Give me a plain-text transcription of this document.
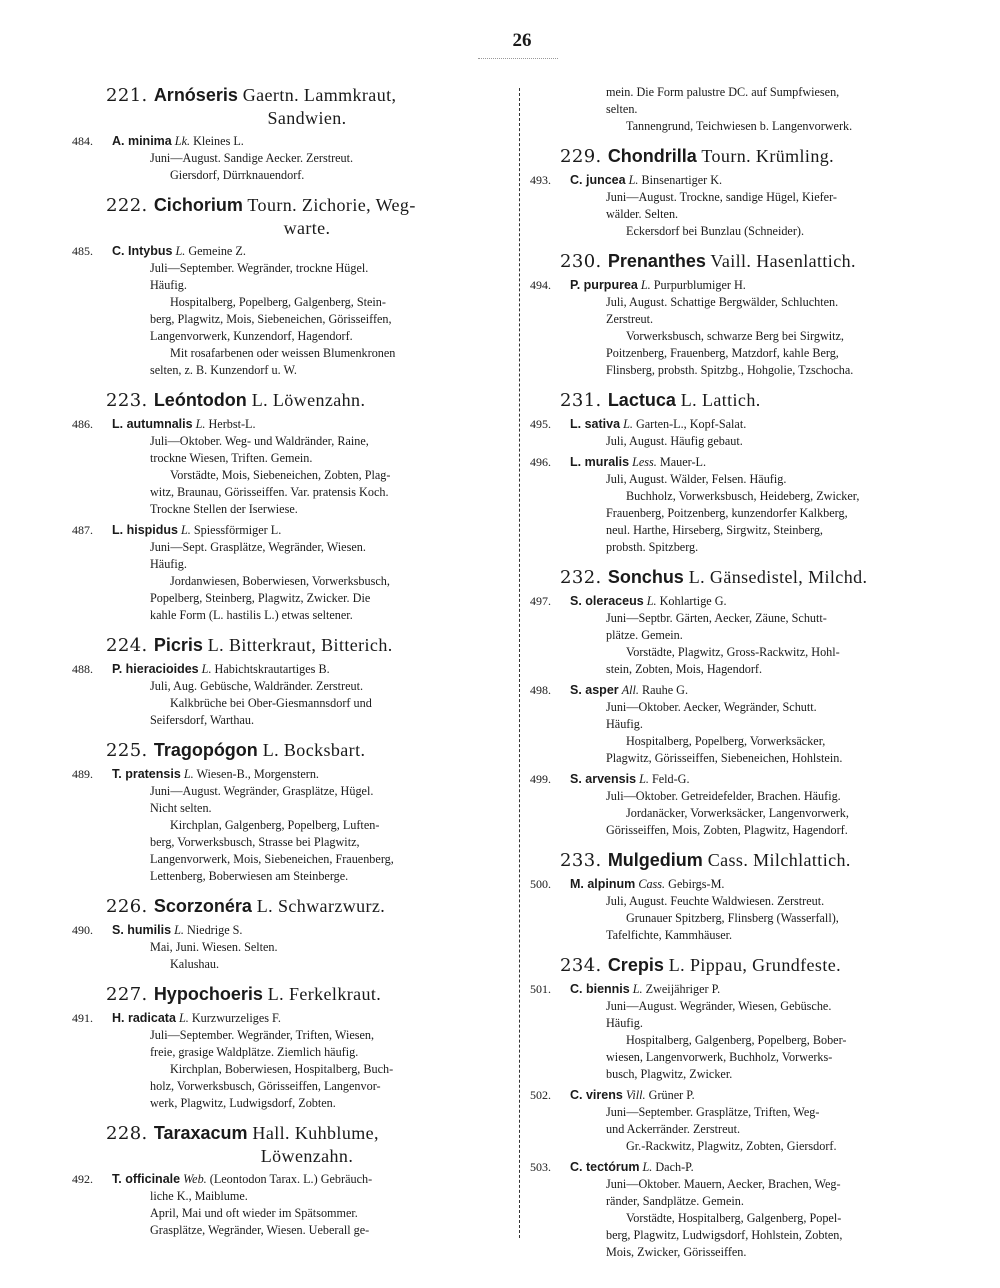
26
221. Arnóseris Gaertn. Lammkraut,
Sandwien.
484. A. minima Lk. Kleines L.
Juni—August. Sandige Aecker. Zerstreut.
Giersdorf, Dürrknauendorf.
222. Cichorium Tourn. Zichorie, Weg-
warte.
485. C. Intybus L. Gemeine Z.
Juli—September. Wegränder, trockne Hügel.
Häufig.
Hospitalberg, Popelberg, Galgenberg, Stein-
berg, Plagwitz, Mois, Siebeneichen, Görisseiffen,
Langenvorwerk, Kunzendorf, Hagendorf.
Mit rosafarbenen oder weissen Blumenkronen
selten, z. B. Kunzendorf u. W.
223. Leóntodon L. Löwenzahn.
486. L. autumnalis L. Herbst-L.
Juli—Oktober. Weg- und Waldränder, Raine,
trockne Wiesen, Triften. Gemein.
Vorstädte, Mois, Siebeneichen, Zobten, Plag-
witz, Braunau, Görisseiffen. Var. pratensis Koch.
Trockne Stellen der Iserwiese.
487. L. hispidus L. Spiessförmiger L.
Juni—Sept. Grasplätze, Wegränder, Wiesen.
Häufig.
Jordanwiesen, Boberwiesen, Vorwerksbusch,
Popelberg, Steinberg, Plagwitz, Zwicker. Die
kahle Form (L. hastilis L.) etwas seltener.
224. Picris L. Bitterkraut, Bitterich.
488. P. hieracioides L. Habichtskrautartiges B.
Juli, Aug. Gebüsche, Waldränder. Zerstreut.
Kalkbrüche bei Ober-Giesmannsdorf und
Seifersdorf, Warthau.
225. Tragopógon L. Bocksbart.
489. T. pratensis L. Wiesen-B., Morgenstern.
Juni—August. Wegränder, Grasplätze, Hügel.
Nicht selten.
Kirchplan, Galgenberg, Popelberg, Luften-
berg, Vorwerksbusch, Strasse bei Plagwitz,
Langenvorwerk, Mois, Siebeneichen, Frauenberg,
Lettenberg, Boberwiesen am Steinberge.
226. Scorzonéra L. Schwarzwurz.
490. S. humilis L. Niedrige S.
Mai, Juni. Wiesen. Selten.
Kalushau.
227. Hypochoeris L. Ferkelkraut.
491. H. radicata L. Kurzwurzeliges F.
Juli—September. Wegränder, Triften, Wiesen,
freie, grasige Waldplätze. Ziemlich häufig.
Kirchplan, Boberwiesen, Hospitalberg, Buch-
holz, Vorwerksbusch, Görisseiffen, Langenvor-
werk, Plagwitz, Ludwigsdorf, Zobten.
228. Taraxacum Hall. Kuhblume,
Löwenzahn.
492. T. officinale Web. (Leontodon Tarax. L.) Gebräuch-
liche K., Maiblume.
April, Mai und oft wieder im Spätsommer.
Grasplätze, Wegränder, Wiesen. Ueberall ge-
mein. Die Form palustre DC. auf Sumpfwiesen,
selten.
Tannengrund, Teichwiesen b. Langenvorwerk.
229. Chondrilla Tourn. Krümling.
493. C. juncea L. Binsenartiger K.
Juni—August. Trockne, sandige Hügel, Kiefer-
wälder. Selten.
Eckersdorf bei Bunzlau (Schneider).
230. Prenanthes Vaill. Hasenlattich.
494. P. purpurea L. Purpurblumiger H.
Juli, August. Schattige Bergwälder, Schluchten.
Zerstreut.
Vorwerksbusch, schwarze Berg bei Sirgwitz,
Poitzenberg, Frauenberg, Matzdorf, kahle Berg,
Flinsberg, probsth. Spitzbg., Hohgolie, Tzschocha.
231. Lactuca L. Lattich.
495. L. sativa L. Garten-L., Kopf-Salat.
Juli, August. Häufig gebaut.
496. L. muralis Less. Mauer-L.
Juli, August. Wälder, Felsen. Häufig.
Buchholz, Vorwerksbusch, Heideberg, Zwicker,
Frauenberg, Poitzenberg, kunzendorfer Kalkberg,
neul. Harthe, Hirseberg, Sirgwitz, Steinberg,
probsth. Spitzberg.
232. Sonchus L. Gänsedistel, Milchd.
497. S. oleraceus L. Kohlartige G.
Juni—Septbr. Gärten, Aecker, Zäune, Schutt-
plätze. Gemein.
Vorstädte, Plagwitz, Gross-Rackwitz, Hohl-
stein, Zobten, Mois, Hagendorf.
498. S. asper All. Rauhe G.
Juni—Oktober. Aecker, Wegränder, Schutt.
Häufig.
Hospitalberg, Popelberg, Vorwerksäcker,
Plagwitz, Görisseiffen, Siebeneichen, Hohlstein.
499. S. arvensis L. Feld-G.
Juli—Oktober. Getreidefelder, Brachen. Häufig.
Jordanäcker, Vorwerksäcker, Langenvorwerk,
Görisseiffen, Mois, Zobten, Plagwitz, Hagendorf.
233. Mulgedium Cass. Milchlattich.
500. M. alpinum Cass. Gebirgs-M.
Juli, August. Feuchte Waldwiesen. Zerstreut.
Grunauer Spitzberg, Flinsberg (Wasserfall),
Tafelfichte, Kammhäuser.
234. Crepis L. Pippau, Grundfeste.
501. C. biennis L. Zweijähriger P.
Juni—August. Wegränder, Wiesen, Gebüsche.
Häufig.
Hospitalberg, Galgenberg, Popelberg, Bober-
wiesen, Langenvorwerk, Buchholz, Vorwerks-
busch, Plagwitz, Zwicker.
502. C. virens Vill. Grüner P.
Juni—September. Grasplätze, Triften, Weg-
und Ackerränder. Zerstreut.
Gr.-Rackwitz, Plagwitz, Zobten, Giersdorf.
503. C. tectórum L. Dach-P.
Juni—Oktober. Mauern, Aecker, Brachen, Weg-
ränder, Sandplätze. Gemein.
Vorstädte, Hospitalberg, Galgenberg, Popel-
berg, Plagwitz, Ludwigsdorf, Hohlstein, Zobten,
Mois, Zwicker, Görisseiffen.
